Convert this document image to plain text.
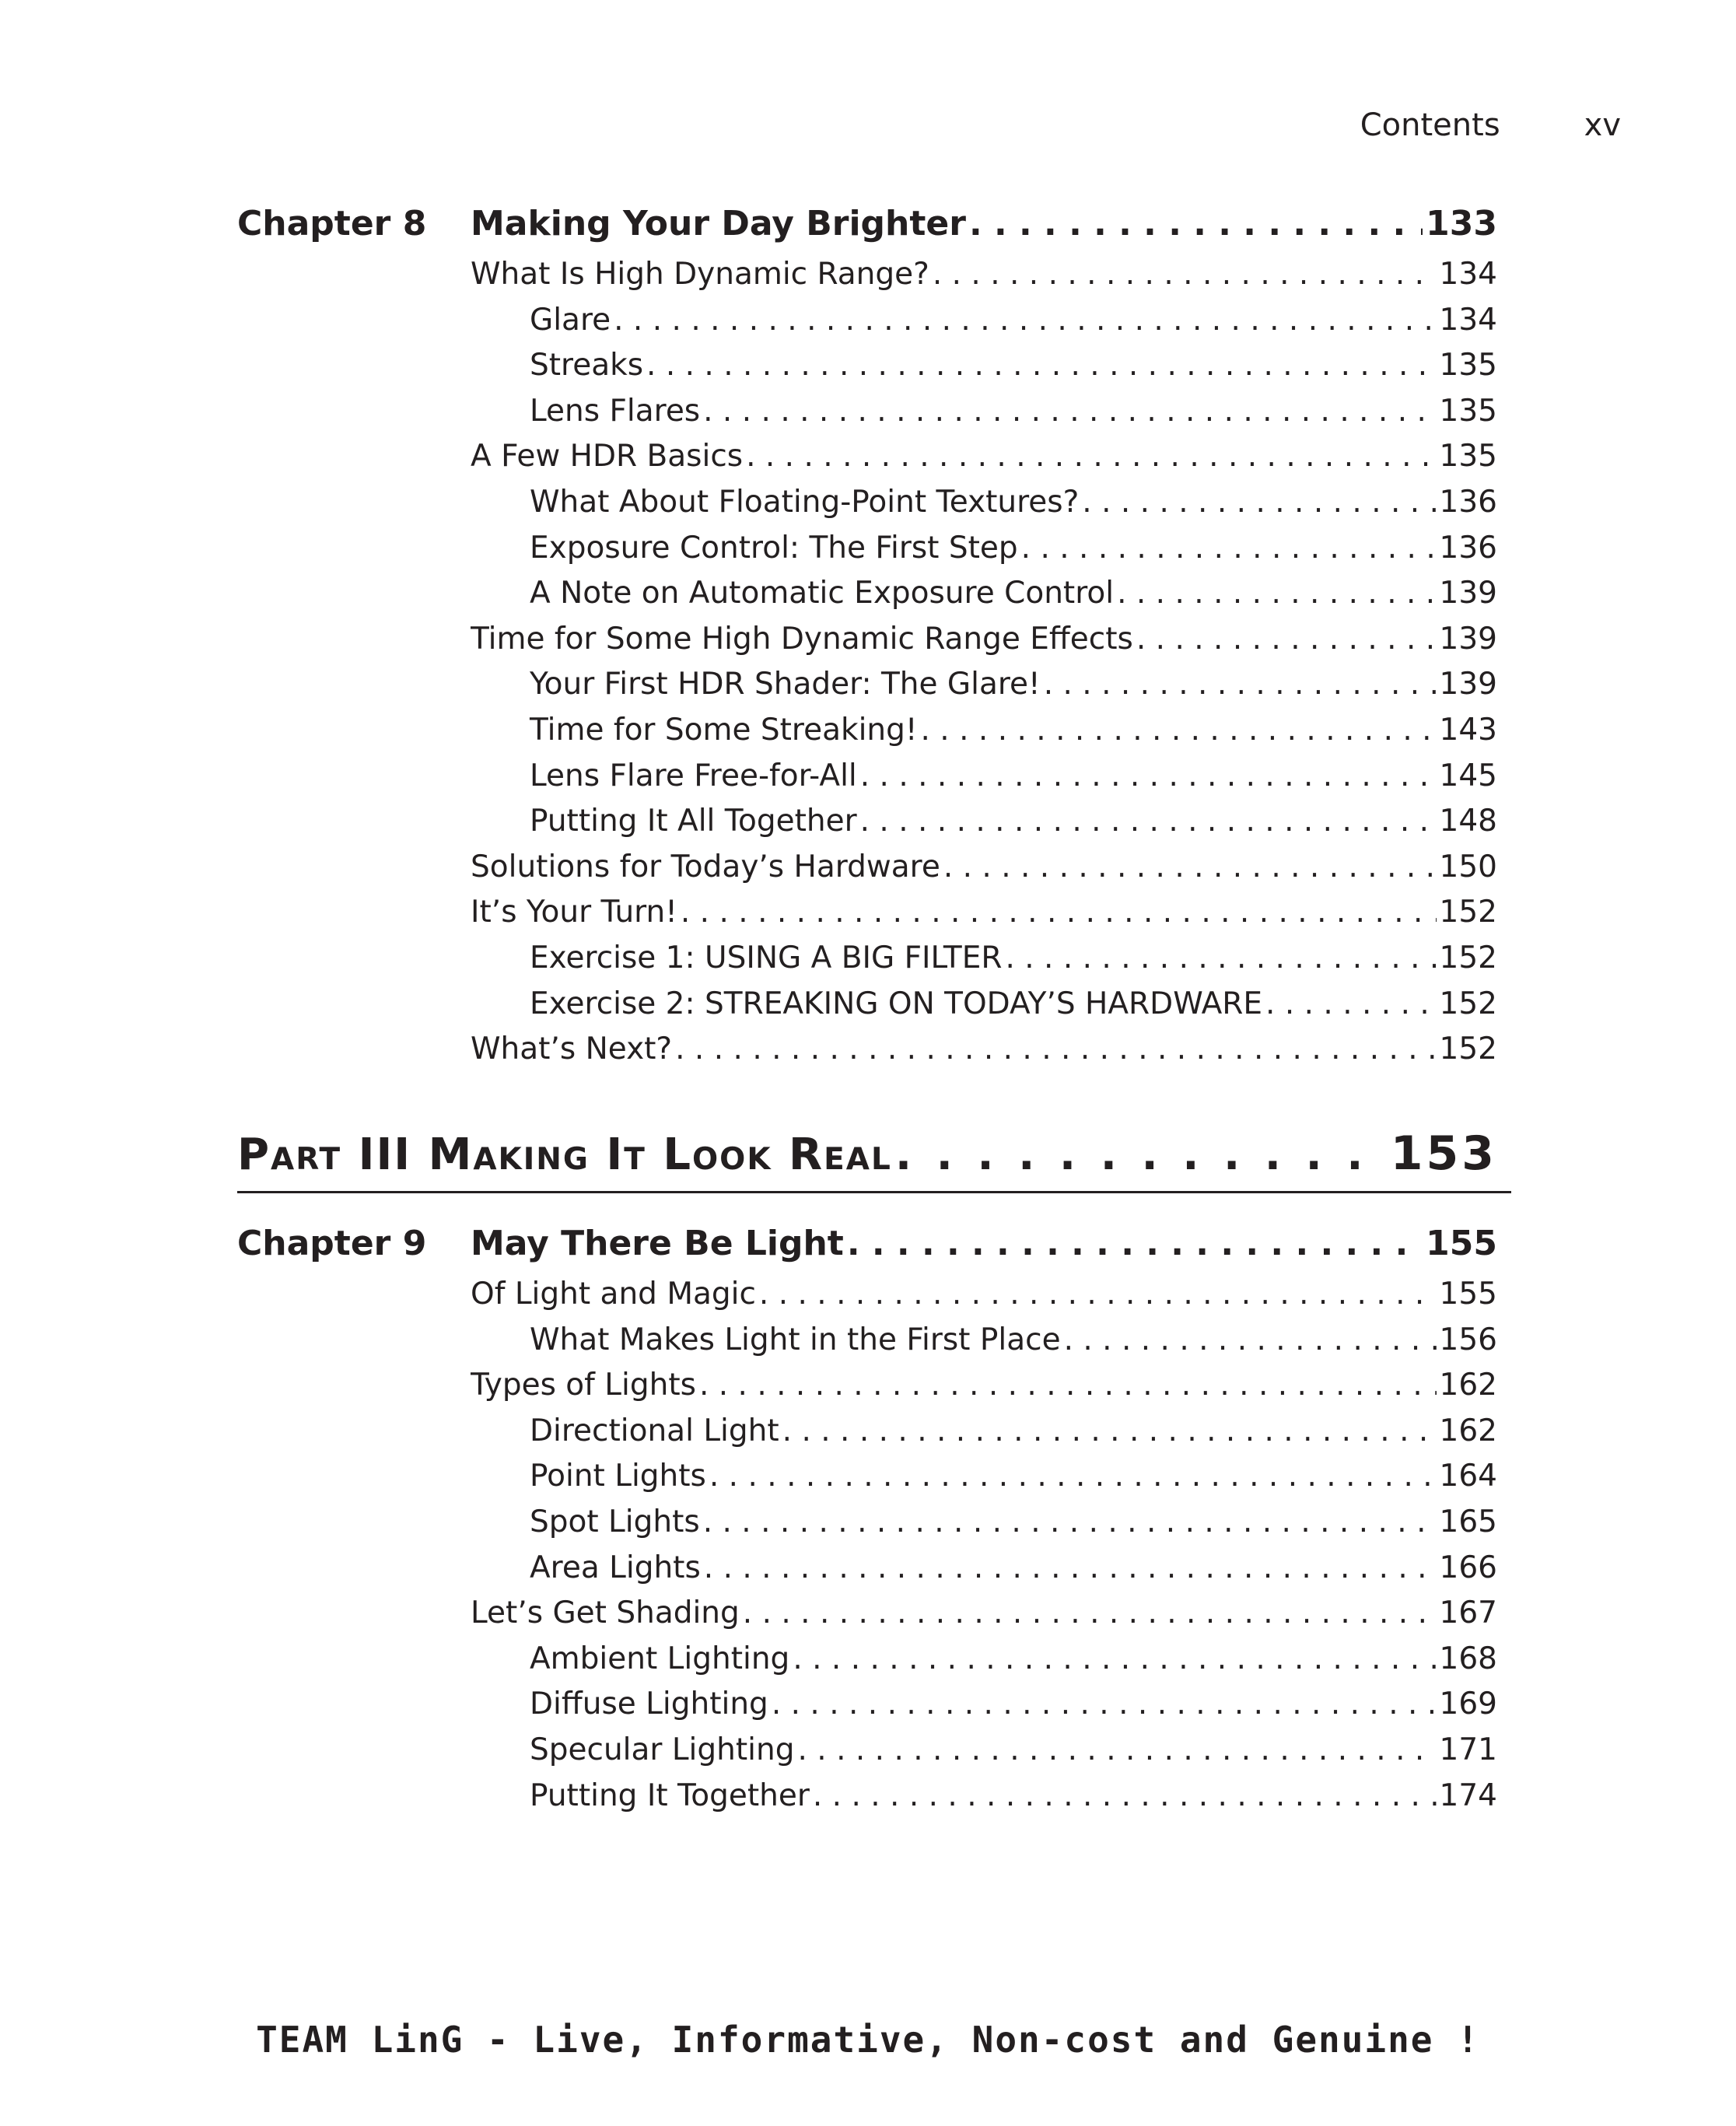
Contents	xv
Chapter 8	Making Your Day Brighter . . .	133
What Is High Dynamic Range? . . .	134
Glare . . .	134
Streaks . . .	135
Lens Flares . . .	135
A Few HDR Basics . . .	135
What About Floating-Point Textures? . . .	136
Exposure Control: The First Step . . .	136
A Note on Automatic Exposure Control . . .	139
Time for Some High Dynamic Range Effects . . .	139
Your First HDR Shader: The Glare! . . .	139
Time for Some Streaking! . . .	143
Lens Flare Free-for-All . . .	145
Putting It All Together . . .	148
Solutions for Today’s Hardware . . .	150
It’s Your Turn! . . .	152
Exercise 1: USING A BIG FILTER . . .	152
Exercise 2: STREAKING ON TODAY’S HARDWARE . . .	152
What’s Next? . . .	152
Part III Making It Look Real . . .	153
Chapter 9	May There Be Light . . .	155
Of Light and Magic . . .	155
What Makes Light in the First Place . . .	156
Types of Lights . . .	162
Directional Light . . .	162
Point Lights . . .	164
Spot Lights . . .	165
Area Lights . . .	166
Let’s Get Shading . . .	167
Ambient Lighting . . .	168
Diffuse Lighting . . .	169
Specular Lighting . . .	171
Putting It Together . . .	174
TEAM LinG - Live, Informative, Non-cost and Genuine !
